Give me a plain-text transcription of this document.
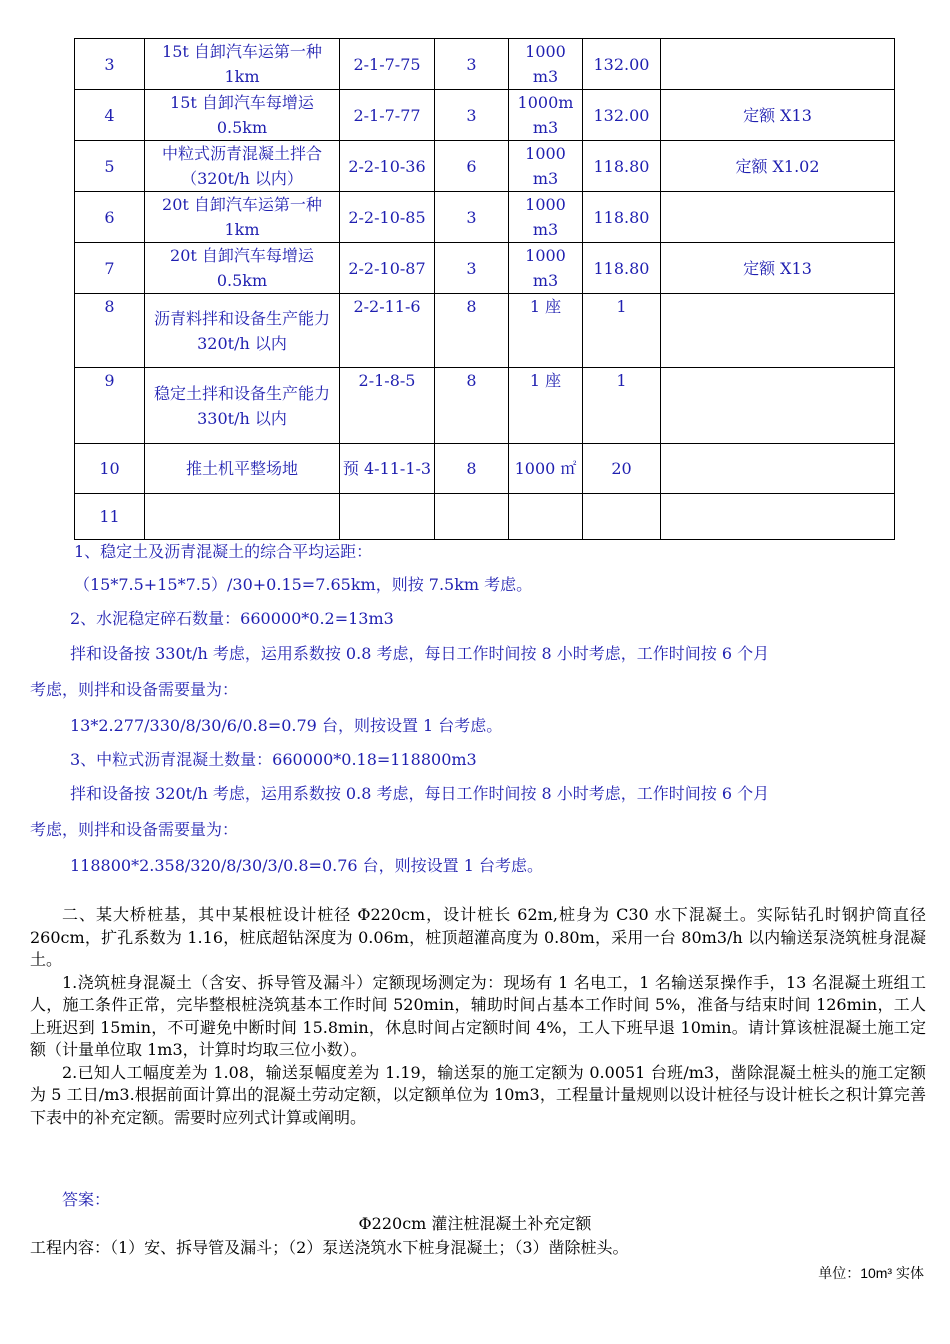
3	15t 自卸汽车运第一种 1km	2-1-7-75	3	1000 m3	132.00	
4	15t 自卸汽车每增运 0.5km	2-1-7-77	3	1000m m3	132.00	定额 X13
5	中粒式沥青混凝土拌合（320t/h 以内）	2-2-10-36	6	1000 m3	118.80	定额 X1.02
6	20t 自卸汽车运第一种 1km	2-2-10-85	3	1000 m3	118.80	
7	20t 自卸汽车每增运 0.5km	2-2-10-87	3	1000 m3	118.80	定额 X13
8	沥青料拌和设备生产能力 320t/h 以内	2-2-11-6	8	1 座	1	
9	稳定土拌和设备生产能力 330t/h 以内	2-1-8-5	8	1 座	1	
10	推土机平整场地	预 4-11-1-3	8	1000 ㎡	20	
11						
1、稳定土及沥青混凝土的综合平均运距：
（15*7.5+15*7.5）/30+0.15=7.65km，则按 7.5km 考虑。
2、水泥稳定碎石数量：660000*0.2=13m3
拌和设备按 330t/h 考虑，运用系数按 0.8 考虑，每日工作时间按 8 小时考虑，工作时间按 6 个月
考虑，则拌和设备需要量为：
13*2.277/330/8/30/6/0.8=0.79 台，则按设置 1 台考虑。
3、中粒式沥青混凝土数量：660000*0.18=118800m3
拌和设备按 320t/h 考虑，运用系数按 0.8 考虑，每日工作时间按 8 小时考虑，工作时间按 6 个月
考虑，则拌和设备需要量为：
118800*2.358/320/8/30/3/0.8=0.76 台，则按设置 1 台考虑。

二、某大桥桩基，其中某根桩设计桩径 Φ220cm，设计桩长 62m,桩身为 C30 水下混凝土。实际钻孔时钢护筒直径 260cm，扩孔系数为 1.16，桩底超钻深度为 0.06m，桩顶超灌高度为 0.80m，采用一台 80m3/h 以内输送泵浇筑桩身混凝土。

1.浇筑桩身混凝土（含安、拆导管及漏斗）定额现场测定为：现场有 1 名电工，1 名输送泵操作手，13 名混凝土班组工人，施工条件正常，完毕整根桩浇筑基本工作时间 520min，辅助时间占基本工作时间 5%，准备与结束时间 126min，工人上班迟到 15min，不可避免中断时间 15.8min，休息时间占定额时间 4%，工人下班早退 10min。请计算该桩混凝土施工定额（计量单位取 1m3，计算时均取三位小数）。

2.已知人工幅度差为 1.08，输送泵幅度差为 1.19，输送泵的施工定额为 0.0051 台班/m3，凿除混凝土桩头的施工定额为 5 工日/m3.根据前面计算出的混凝土劳动定额，以定额单位为 10m3，工程量计量规则以设计桩径与设计桩长之积计算完善下表中的补充定额。需要时应列式计算或阐明。

答案：
Φ220cm 灌注桩混凝土补充定额
工程内容：（1）安、拆导管及漏斗；（2）泵送浇筑水下桩身混凝土；（3）凿除桩头。
单位：10m³ 实体
